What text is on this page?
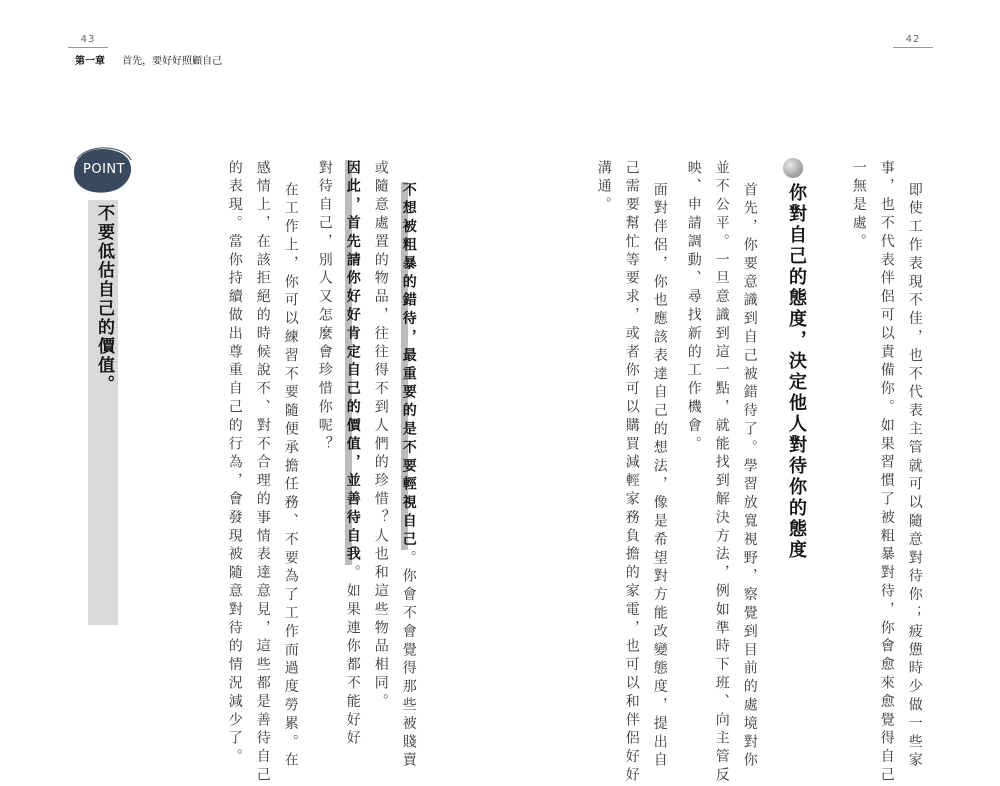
43	42
第一章 首先，要好好照顧自己
即使工作表現不佳，也不代表主管就可以隨意對待你；疲憊時少做一些家
事，也不代表伴侶可以責備你。如果習慣了被粗暴對待，你會愈來愈覺得自己
一無是處。
你對自己的態度，決定他人對待你的態度
首先，你要意識到自己被錯待了。學習放寬視野，察覺到目前的處境對你
並不公平。一旦意識到這一點，就能找到解決方法，例如準時下班、向主管反
映、申請調動、尋找新的工作機會。
面對伴侶，你也應該表達自己的想法，像是希望對方能改變態度，提出自
己需要幫忙等要求，或者你可以購買減輕家務負擔的家電，也可以和伴侶好好
溝通。
不想被粗暴的錯待，最重要的是不要輕視自己。你會不會覺得那些被賤賣
或隨意處置的物品，往往得不到人們的珍惜？人也和這些物品相同。
因此，首先請你好好肯定自己的價值，並善待自我。如果連你都不能好好
對待自己，別人又怎麼會珍惜你呢？
在工作上，你可以練習不要隨便承擔任務、不要為了工作而過度勞累。在
感情上，在該拒絕的時候說不、對不合理的事情表達意見，這些都是善待自己
的表現。當你持續做出尊重自己的行為，會發現被隨意對待的情況減少了。
POINT
不要低估自己的價值。
